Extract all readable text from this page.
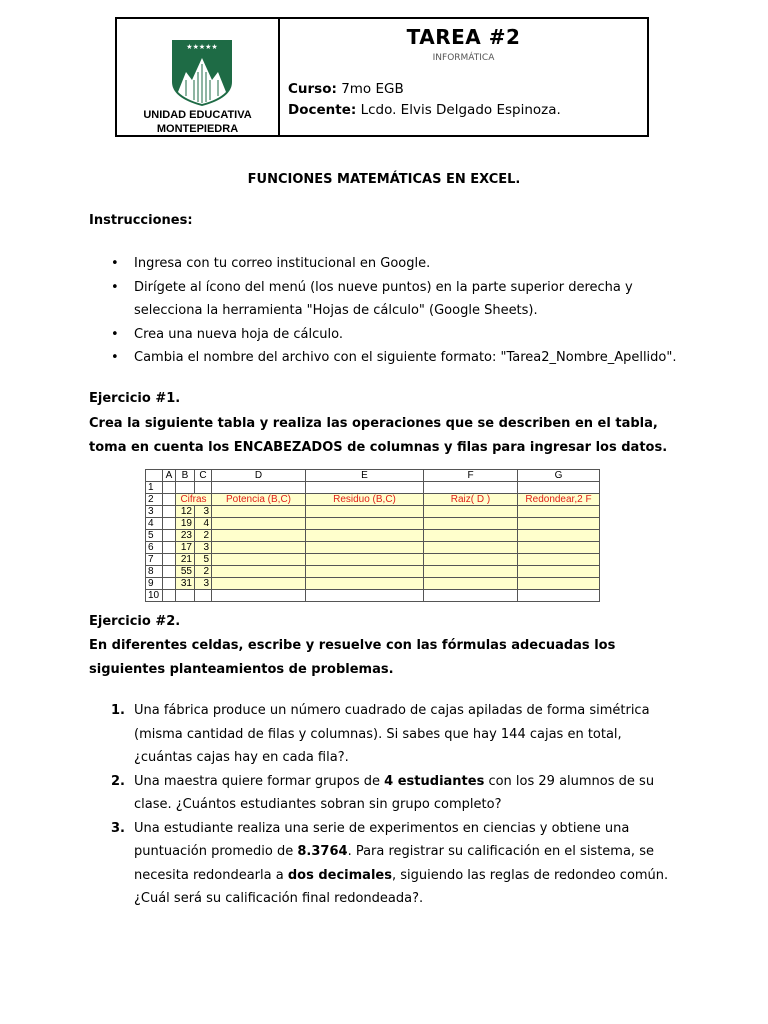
★★★★★
UNIDAD EDUCATIVA
MONTEPIEDRA
TAREA #2
INFORMÁTICA
Curso: 7mo EGB
Docente: Lcdo. Elvis Delgado Espinoza.
FUNCIONES MATEMÁTICAS EN EXCEL.
Instrucciones:
• Ingresa con tu correo institucional en Google.
• Dirígete al ícono del menú (los nueve puntos) en la parte superior derecha y selecciona la herramienta "Hojas de cálculo" (Google Sheets).
• Crea una nueva hoja de cálculo.
• Cambia el nombre del archivo con el siguiente formato: "Tarea2_Nombre_Apellido".
Ejercicio #1.
Crea la siguiente tabla y realiza las operaciones que se describen en el tabla, toma en cuenta los ENCABEZADOS de columnas y filas para ingresar los datos.
	A	B	C	D	E	F	G
1							
2		Cifras		Potencia (B,C)	Residuo (B,C)	Raiz( D )	Redondear,2 F
3		12	3				
4		19	4				
5		23	2				
6		17	3				
7		21	5				
8		55	2				
9		31	3				
10							
Ejercicio #2.
En diferentes celdas, escribe y resuelve con las fórmulas adecuadas los siguientes planteamientos de problemas.
1. Una fábrica produce un número cuadrado de cajas apiladas de forma simétrica (misma cantidad de filas y columnas). Si sabes que hay 144 cajas en total, ¿cuántas cajas hay en cada fila?.
2. Una maestra quiere formar grupos de 4 estudiantes con los 29 alumnos de su clase. ¿Cuántos estudiantes sobran sin grupo completo?
3. Una estudiante realiza una serie de experimentos en ciencias y obtiene una puntuación promedio de 8.3764. Para registrar su calificación en el sistema, se necesita redondearla a dos decimales, siguiendo las reglas de redondeo común. ¿Cuál será su calificación final redondeada?.
